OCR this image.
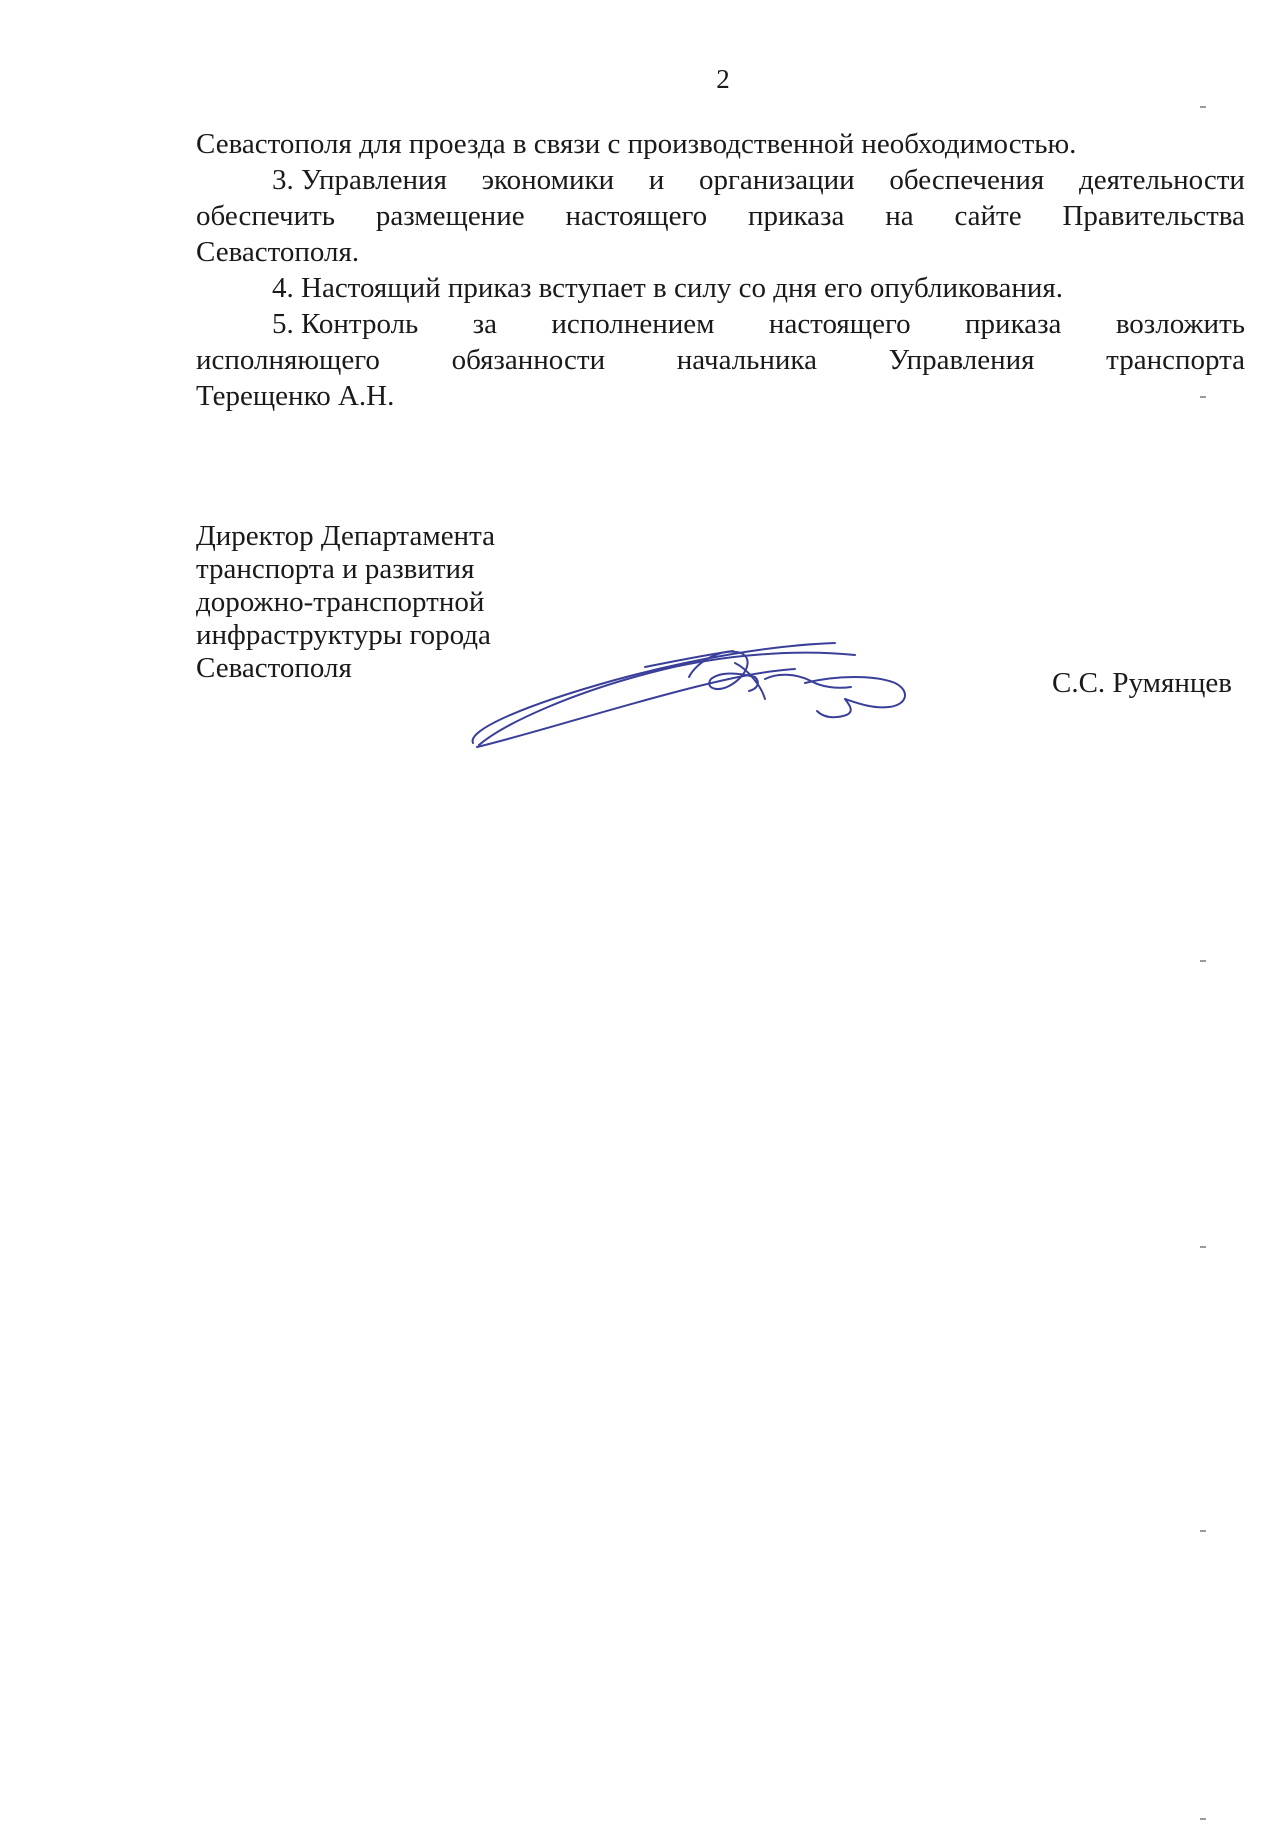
2

Севастополя для проезда в связи с производственной необходимостью.

3. Управления экономики и организации обеспечения деятельности

обеспечить размещение настоящего приказа на сайте Правительства

Севастополя.

4. Настоящий приказ вступает в силу со дня его опубликования.

5. Контроль за исполнением настоящего приказа возложить

исполняющего обязанности начальника Управления транспорта

Терещенко А.Н.

Директор Департамента
транспорта и развития
дорожно-транспортной
инфраструктуры города
Севастополя	С.С. Румянцев
